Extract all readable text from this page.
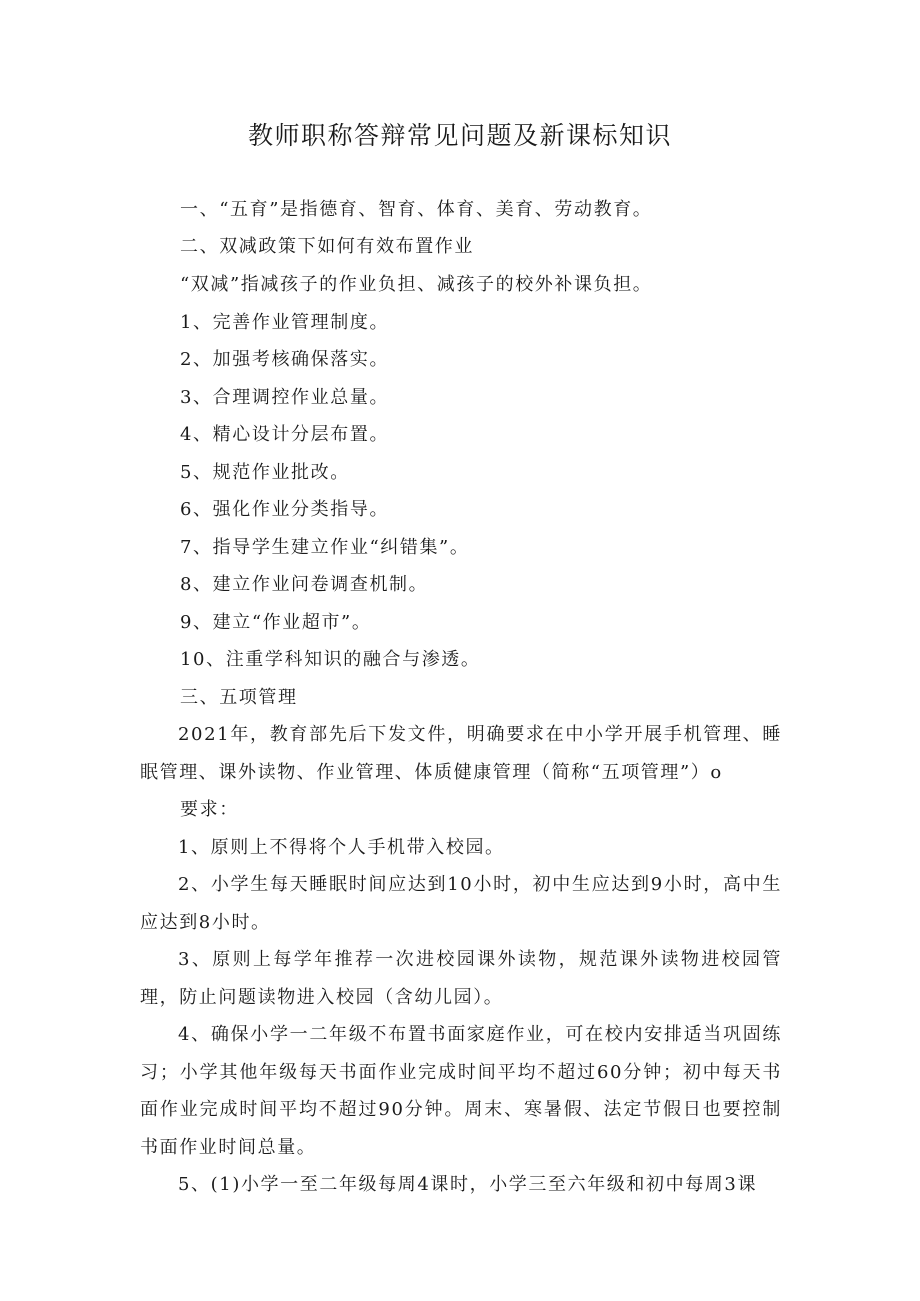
教师职称答辩常见问题及新课标知识
一、“五育”是指德育、智育、体育、美育、劳动教育。
二、双减政策下如何有效布置作业
“双减”指减孩子的作业负担、减孩子的校外补课负担。
1、完善作业管理制度。
2、加强考核确保落实。
3、合理调控作业总量。
4、精心设计分层布置。
5、规范作业批改。
6、强化作业分类指导。
7、指导学生建立作业“纠错集”。
8、建立作业问卷调查机制。
9、建立“作业超市”。
10、注重学科知识的融合与渗透。
三、五项管理
2021年，教育部先后下发文件，明确要求在中小学开展手机管理、睡眠管理、课外读物、作业管理、体质健康管理（简称“五项管理”）o
要求：
1、原则上不得将个人手机带入校园。
2、小学生每天睡眠时间应达到10小时，初中生应达到9小时，高中生应达到8小时。
3、原则上每学年推荐一次进校园课外读物，规范课外读物进校园管理，防止问题读物进入校园（含幼儿园）。
4、确保小学一二年级不布置书面家庭作业，可在校内安排适当巩固练习；小学其他年级每天书面作业完成时间平均不超过60分钟；初中每天书面作业完成时间平均不超过90分钟。周末、寒暑假、法定节假日也要控制书面作业时间总量。
5、(1)小学一至二年级每周4课时，小学三至六年级和初中每周3课
